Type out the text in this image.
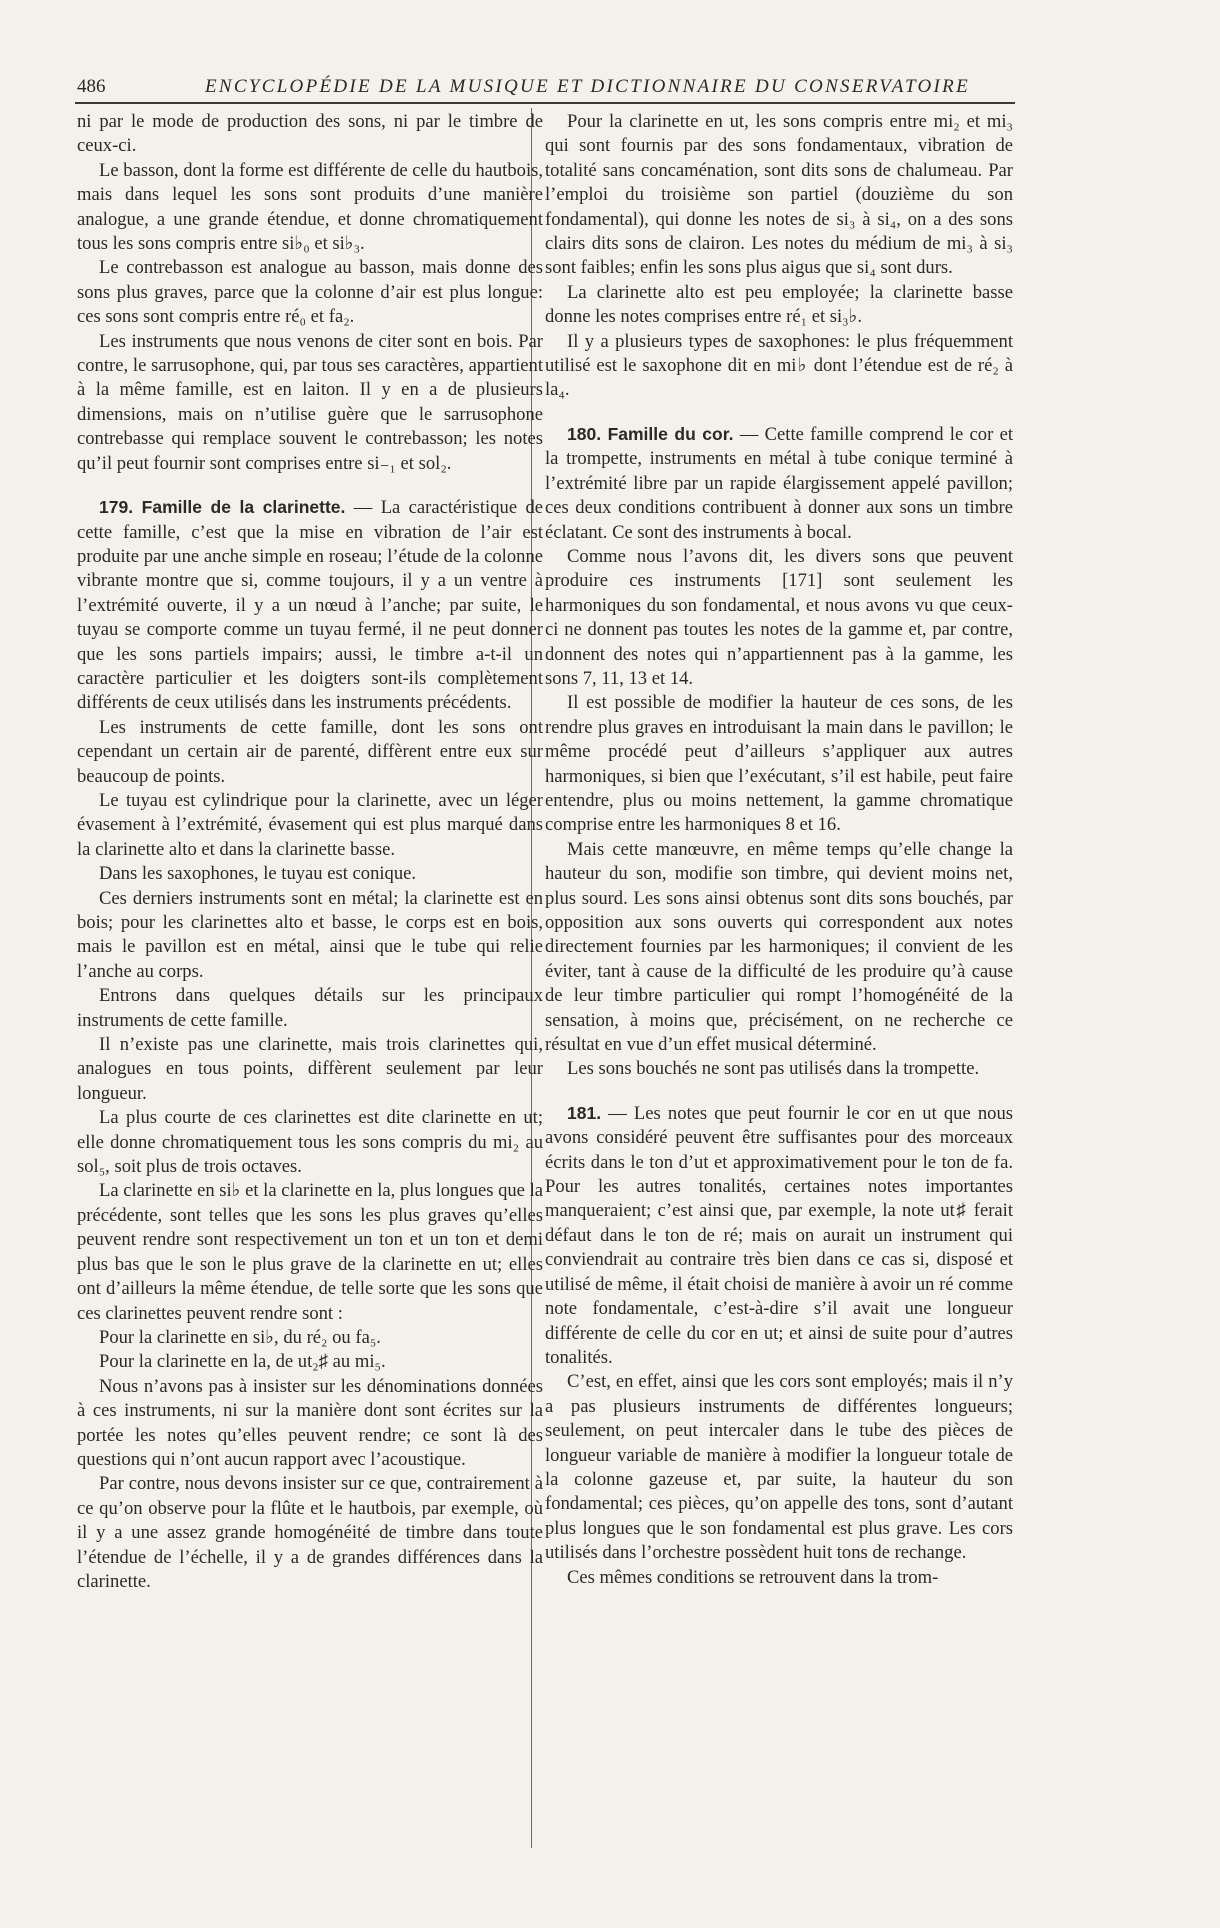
486	ENCYCLOPÉDIE DE LA MUSIQUE ET DICTIONNAIRE DU CONSERVATOIRE

ni par le mode de production des sons, ni par le timbre de ceux-ci.

Le basson, dont la forme est différente de celle du hautbois, mais dans lequel les sons sont produits d’une manière analogue, a une grande étendue, et donne chromatiquement tous les sons compris entre si♭₀ et si♭₃.

Le contrebasson est analogue au basson, mais donne des sons plus graves, parce que la colonne d’air est plus longue: ces sons sont compris entre ré₀ et fa₂.

Les instruments que nous venons de citer sont en bois. Par contre, le sarrusophone, qui, par tous ses caractères, appartient à la même famille, est en laiton. Il y en a de plusieurs dimensions, mais on n’utilise guère que le sarrusophone contrebasse qui remplace souvent le contrebasson; les notes qu’il peut fournir sont comprises entre si₋₁ et sol₂.

179. Famille de la clarinette. — La caractéristique de cette famille, c’est que la mise en vibration de l’air est produite par une anche simple en roseau; l’étude de la colonne vibrante montre que si, comme toujours, il y a un ventre à l’extrémité ouverte, il y a un nœud à l’anche; par suite, le tuyau se comporte comme un tuyau fermé, il ne peut donner que les sons partiels impairs; aussi, le timbre a-t-il un caractère particulier et les doigters sont-ils complètement différents de ceux utilisés dans les instruments précédents.

Les instruments de cette famille, dont les sons ont cependant un certain air de parenté, diffèrent entre eux sur beaucoup de points.

Le tuyau est cylindrique pour la clarinette, avec un léger évasement à l’extrémité, évasement qui est plus marqué dans la clarinette alto et dans la clarinette basse.

Dans les saxophones, le tuyau est conique.

Ces derniers instruments sont en métal; la clarinette est en bois; pour les clarinettes alto et basse, le corps est en bois, mais le pavillon est en métal, ainsi que le tube qui relie l’anche au corps.

Entrons dans quelques détails sur les principaux instruments de cette famille.

Il n’existe pas une clarinette, mais trois clarinettes qui, analogues en tous points, diffèrent seulement par leur longueur.

La plus courte de ces clarinettes est dite clarinette en ut; elle donne chromatiquement tous les sons compris du mi₂ au sol₅, soit plus de trois octaves.

La clarinette en si♭ et la clarinette en la, plus longues que la précédente, sont telles que les sons les plus graves qu’elles peuvent rendre sont respectivement un ton et un ton et demi plus bas que le son le plus grave de la clarinette en ut; elles ont d’ailleurs la même étendue, de telle sorte que les sons que ces clarinettes peuvent rendre sont :

Pour la clarinette en si♭, du ré₂ ou fa₅.

Pour la clarinette en la, de ut₂♯ au mi₅.

Nous n’avons pas à insister sur les dénominations données à ces instruments, ni sur la manière dont sont écrites sur la portée les notes qu’elles peuvent rendre; ce sont là des questions qui n’ont aucun rapport avec l’acoustique.

Par contre, nous devons insister sur ce que, contrairement à ce qu’on observe pour la flûte et le hautbois, par exemple, où il y a une assez grande homogénéité de timbre dans toute l’étendue de l’échelle, il y a de grandes différences dans la clarinette.

Pour la clarinette en ut, les sons compris entre mi₂ et mi₃ qui sont fournis par des sons fondamentaux, vibration de totalité sans concaménation, sont dits sons de chalumeau. Par l’emploi du troisième son partiel (douzième du son fondamental), qui donne les notes de si₃ à si₄, on a des sons clairs dits sons de clairon. Les notes du médium de mi₃ à si₃ sont faibles; enfin les sons plus aigus que si₄ sont durs.

La clarinette alto est peu employée; la clarinette basse donne les notes comprises entre ré₁ et si₃♭.

Il y a plusieurs types de saxophones: le plus fréquemment utilisé est le saxophone dit en mi♭ dont l’étendue est de ré₂ à la₄.

180. Famille du cor. — Cette famille comprend le cor et la trompette, instruments en métal à tube conique terminé à l’extrémité libre par un rapide élargissement appelé pavillon; ces deux conditions contribuent à donner aux sons un timbre éclatant. Ce sont des instruments à bocal.

Comme nous l’avons dit, les divers sons que peuvent produire ces instruments [171] sont seulement les harmoniques du son fondamental, et nous avons vu que ceux-ci ne donnent pas toutes les notes de la gamme et, par contre, donnent des notes qui n’appartiennent pas à la gamme, les sons 7, 11, 13 et 14.

Il est possible de modifier la hauteur de ces sons, de les rendre plus graves en introduisant la main dans le pavillon; le même procédé peut d’ailleurs s’appliquer aux autres harmoniques, si bien que l’exécutant, s’il est habile, peut faire entendre, plus ou moins nettement, la gamme chromatique comprise entre les harmoniques 8 et 16.

Mais cette manœuvre, en même temps qu’elle change la hauteur du son, modifie son timbre, qui devient moins net, plus sourd. Les sons ainsi obtenus sont dits sons bouchés, par opposition aux sons ouverts qui correspondent aux notes directement fournies par les harmoniques; il convient de les éviter, tant à cause de la difficulté de les produire qu’à cause de leur timbre particulier qui rompt l’homogénéité de la sensation, à moins que, précisément, on ne recherche ce résultat en vue d’un effet musical déterminé.

Les sons bouchés ne sont pas utilisés dans la trompette.

181. — Les notes que peut fournir le cor en ut que nous avons considéré peuvent être suffisantes pour des morceaux écrits dans le ton d’ut et approximativement pour le ton de fa. Pour les autres tonalités, certaines notes importantes manqueraient; c’est ainsi que, par exemple, la note ut♯ ferait défaut dans le ton de ré; mais on aurait un instrument qui conviendrait au contraire très bien dans ce cas si, disposé et utilisé de même, il était choisi de manière à avoir un ré comme note fondamentale, c’est-à-dire s’il avait une longueur différente de celle du cor en ut; et ainsi de suite pour d’autres tonalités.

C’est, en effet, ainsi que les cors sont employés; mais il n’y a pas plusieurs instruments de différentes longueurs; seulement, on peut intercaler dans le tube des pièces de longueur variable de manière à modifier la longueur totale de la colonne gazeuse et, par suite, la hauteur du son fondamental; ces pièces, qu’on appelle des tons, sont d’autant plus longues que le son fondamental est plus grave. Les cors utilisés dans l’orchestre possèdent huit tons de rechange.

Ces mêmes conditions se retrouvent dans la trom-
